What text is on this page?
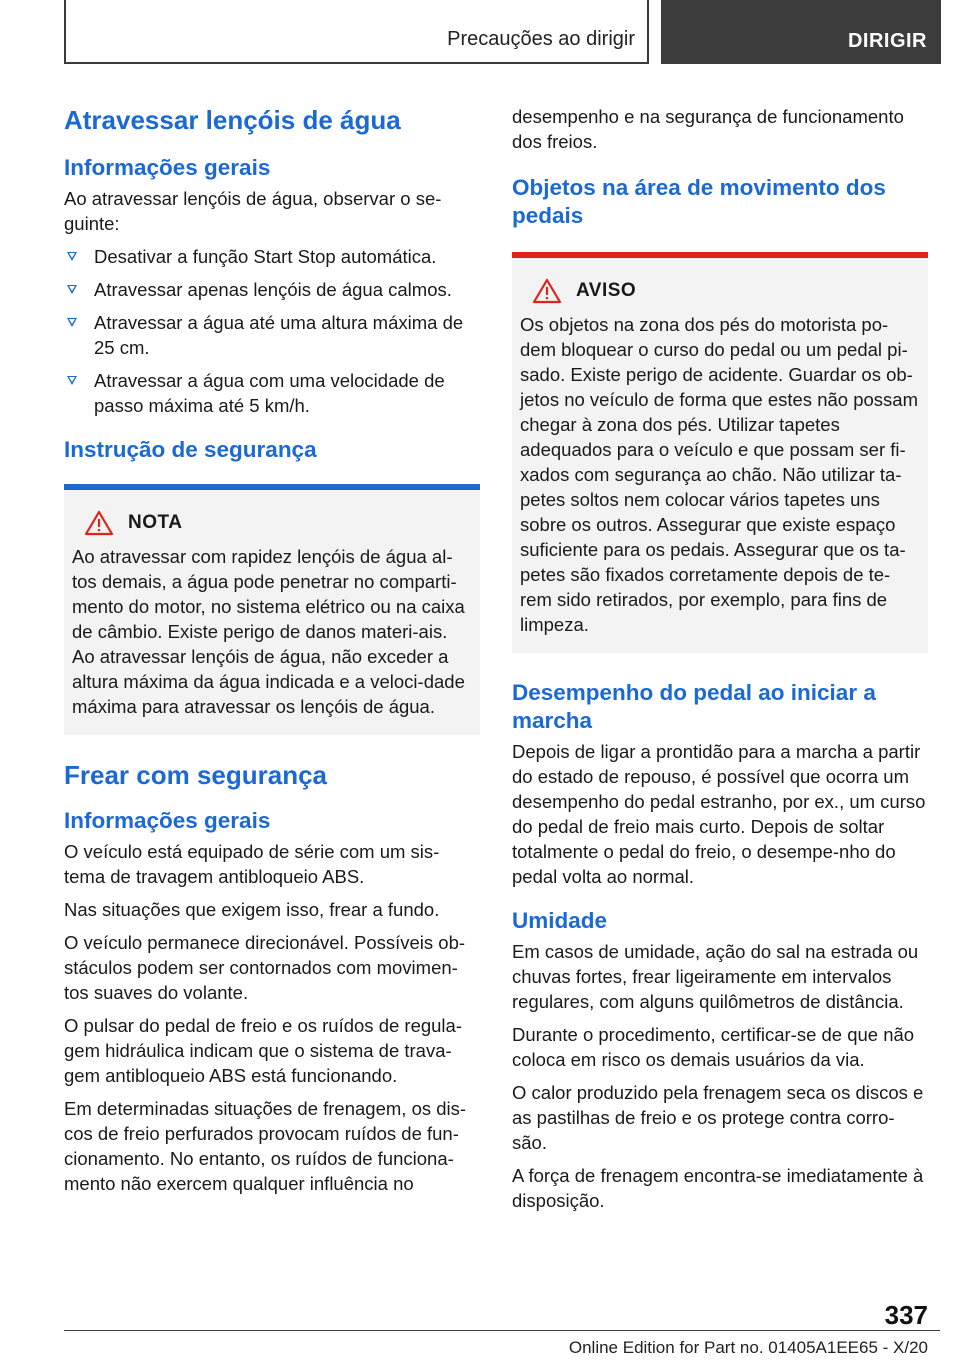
Precauções ao dirigir	DIRIGIR
Atravessar lençóis de água
Informações gerais

Ao atravessar lençóis de água, observar o se-guinte:

Desativar a função Start Stop automática.
Atravessar apenas lençóis de água calmos.
Atravessar a água até uma altura máxima de 25 cm.
Atravessar a água com uma velocidade de passo máxima até 5 km/h.
Instrução de segurança
NOTA

Ao atravessar com rapidez lençóis de água al-tos demais, a água pode penetrar no comparti-mento do motor, no sistema elétrico ou na caixa de câmbio. Existe perigo de danos materi-ais. Ao atravessar lençóis de água, não exceder a altura máxima da água indicada e a veloci-dade máxima para atravessar os lençóis de água.

Frear com segurança
Informações gerais

O veículo está equipado de série com um sis-tema de travagem antibloqueio ABS.

Nas situações que exigem isso, frear a fundo.

O veículo permanece direcionável. Possíveis ob-stáculos podem ser contornados com movimen-tos suaves do volante.

O pulsar do pedal de freio e os ruídos de regula-gem hidráulica indicam que o sistema de trava-gem antibloqueio ABS está funcionando.

Em determinadas situações de frenagem, os dis-cos de freio perfurados provocam ruídos de fun-cionamento. No entanto, os ruídos de funciona-mento não exercem qualquer influência no

desempenho e na segurança de funcionamento dos freios.

Objetos na área de movimento dos pedais
AVISO

Os objetos na zona dos pés do motorista po-dem bloquear o curso do pedal ou um pedal pi-sado. Existe perigo de acidente. Guardar os ob-jetos no veículo de forma que estes não possam chegar à zona dos pés. Utilizar tapetes adequados para o veículo e que possam ser fi-xados com segurança ao chão. Não utilizar ta-petes soltos nem colocar vários tapetes uns sobre os outros. Assegurar que existe espaço suficiente para os pedais. Assegurar que os ta-petes são fixados corretamente depois de te-rem sido retirados, por exemplo, para fins de limpeza.

Desempenho do pedal ao iniciar a marcha

Depois de ligar a prontidão para a marcha a partir do estado de repouso, é possível que ocorra um desempenho do pedal estranho, por ex., um curso do pedal de freio mais curto. Depois de soltar totalmente o pedal do freio, o desempe-nho do pedal volta ao normal.

Umidade

Em casos de umidade, ação do sal na estrada ou chuvas fortes, frear ligeiramente em intervalos regulares, com alguns quilômetros de distância.

Durante o procedimento, certificar-se de que não coloca em risco os demais usuários da via.

O calor produzido pela frenagem seca os discos e as pastilhas de freio e os protege contra corro-são.

A força de frenagem encontra-se imediatamente à disposição.

337
Online Edition for Part no. 01405A1EE65 - X/20
